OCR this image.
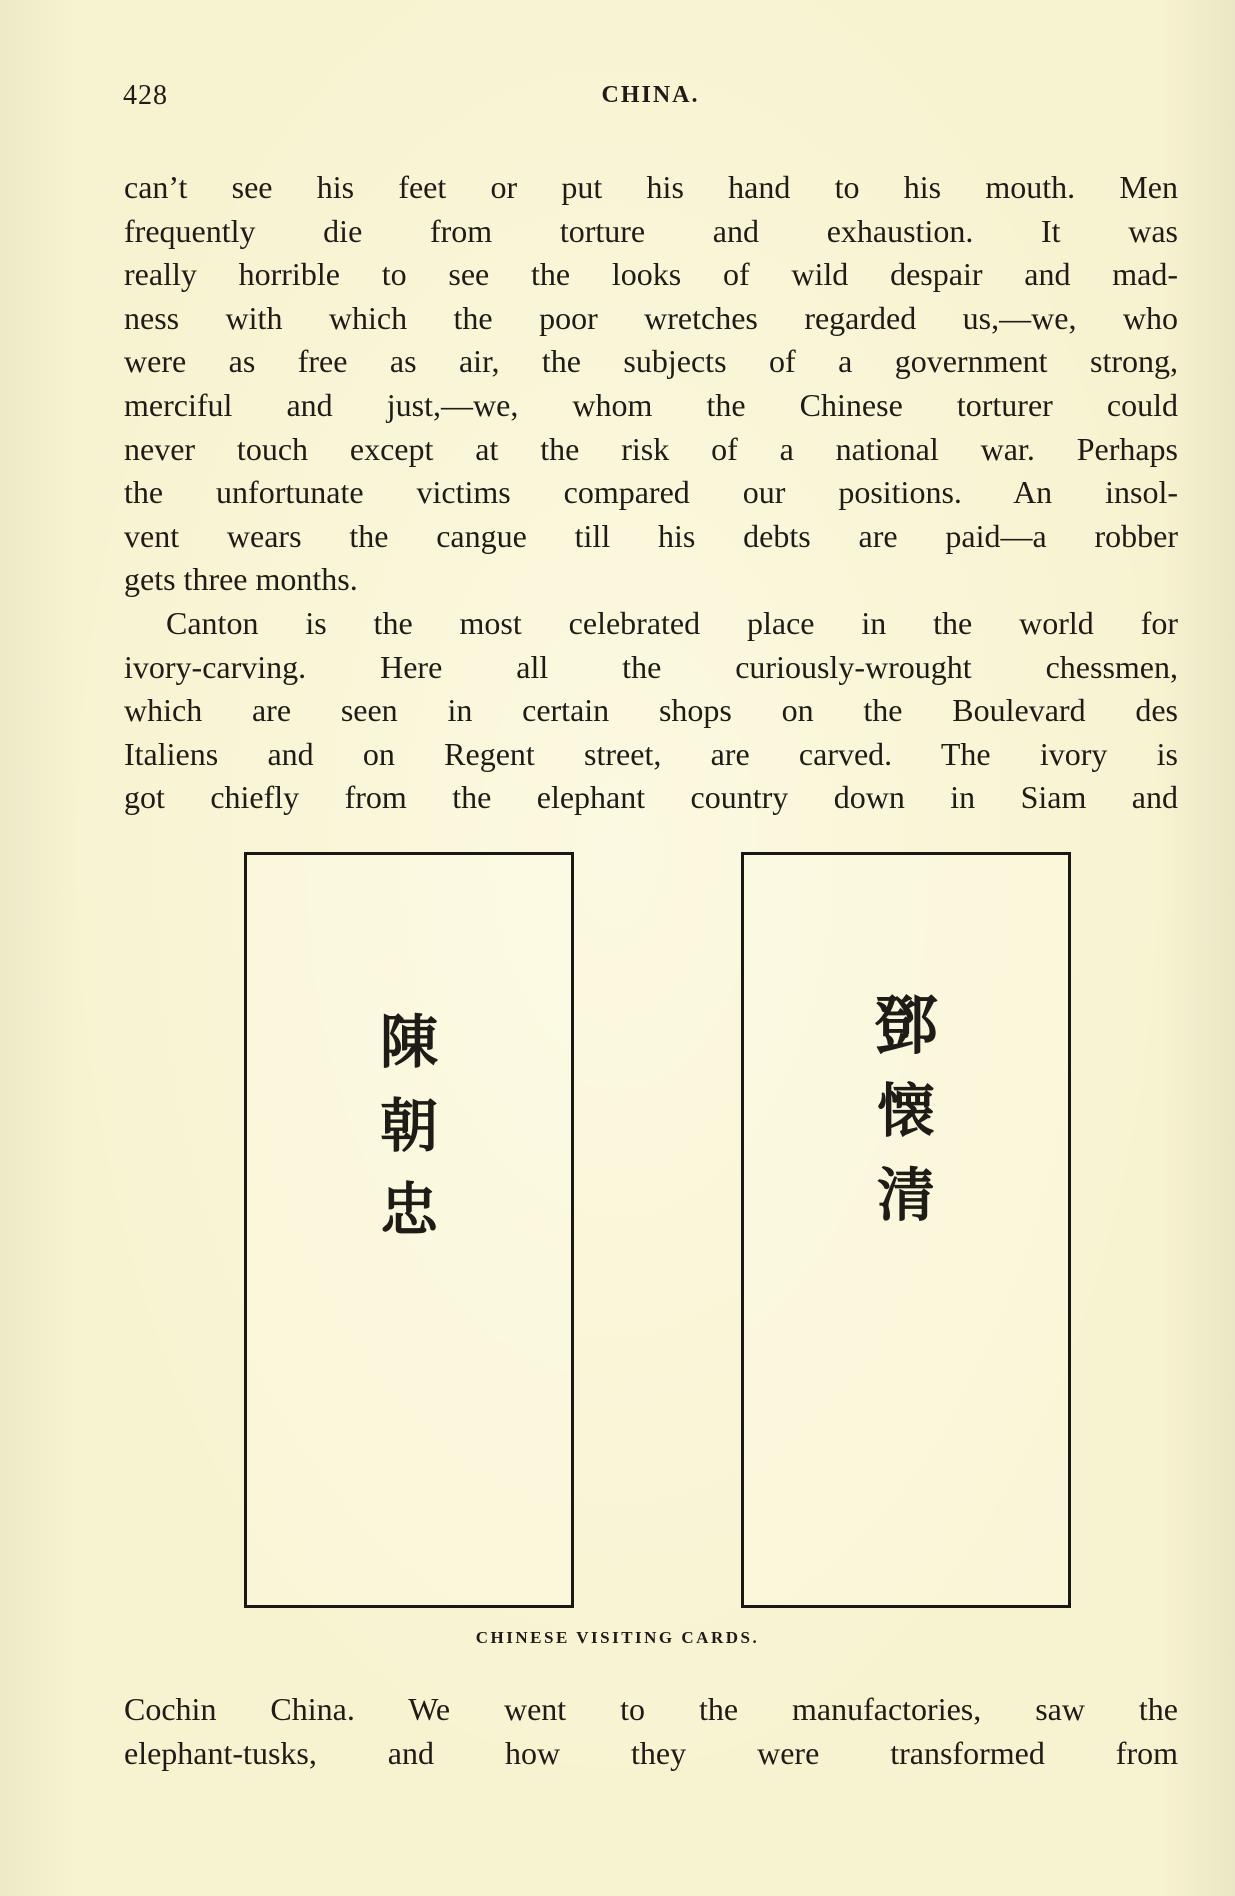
428	CHINA.
can’t see his feet or put his hand to his mouth. Men
frequently die from torture and exhaustion. It was
really horrible to see the looks of wild despair and mad-
ness with which the poor wretches regarded us,—we, who
were as free as air, the subjects of a government strong,
merciful and just,—we, whom the Chinese torturer could
never touch except at the risk of a national war. Perhaps
the unfortunate victims compared our positions. An insol-
vent wears the cangue till his debts are paid—a robber
gets three months.
Canton is the most celebrated place in the world for
ivory-carving. Here all the curiously-wrought chessmen,
which are seen in certain shops on the Boulevard des
Italiens and on Regent street, are carved. The ivory is
got chiefly from the elephant country down in Siam and
陳
朝
忠
鄧
懐
清
CHINESE VISITING CARDS.
Cochin China. We went to the manufactories, saw the
elephant-tusks, and how they were transformed from
